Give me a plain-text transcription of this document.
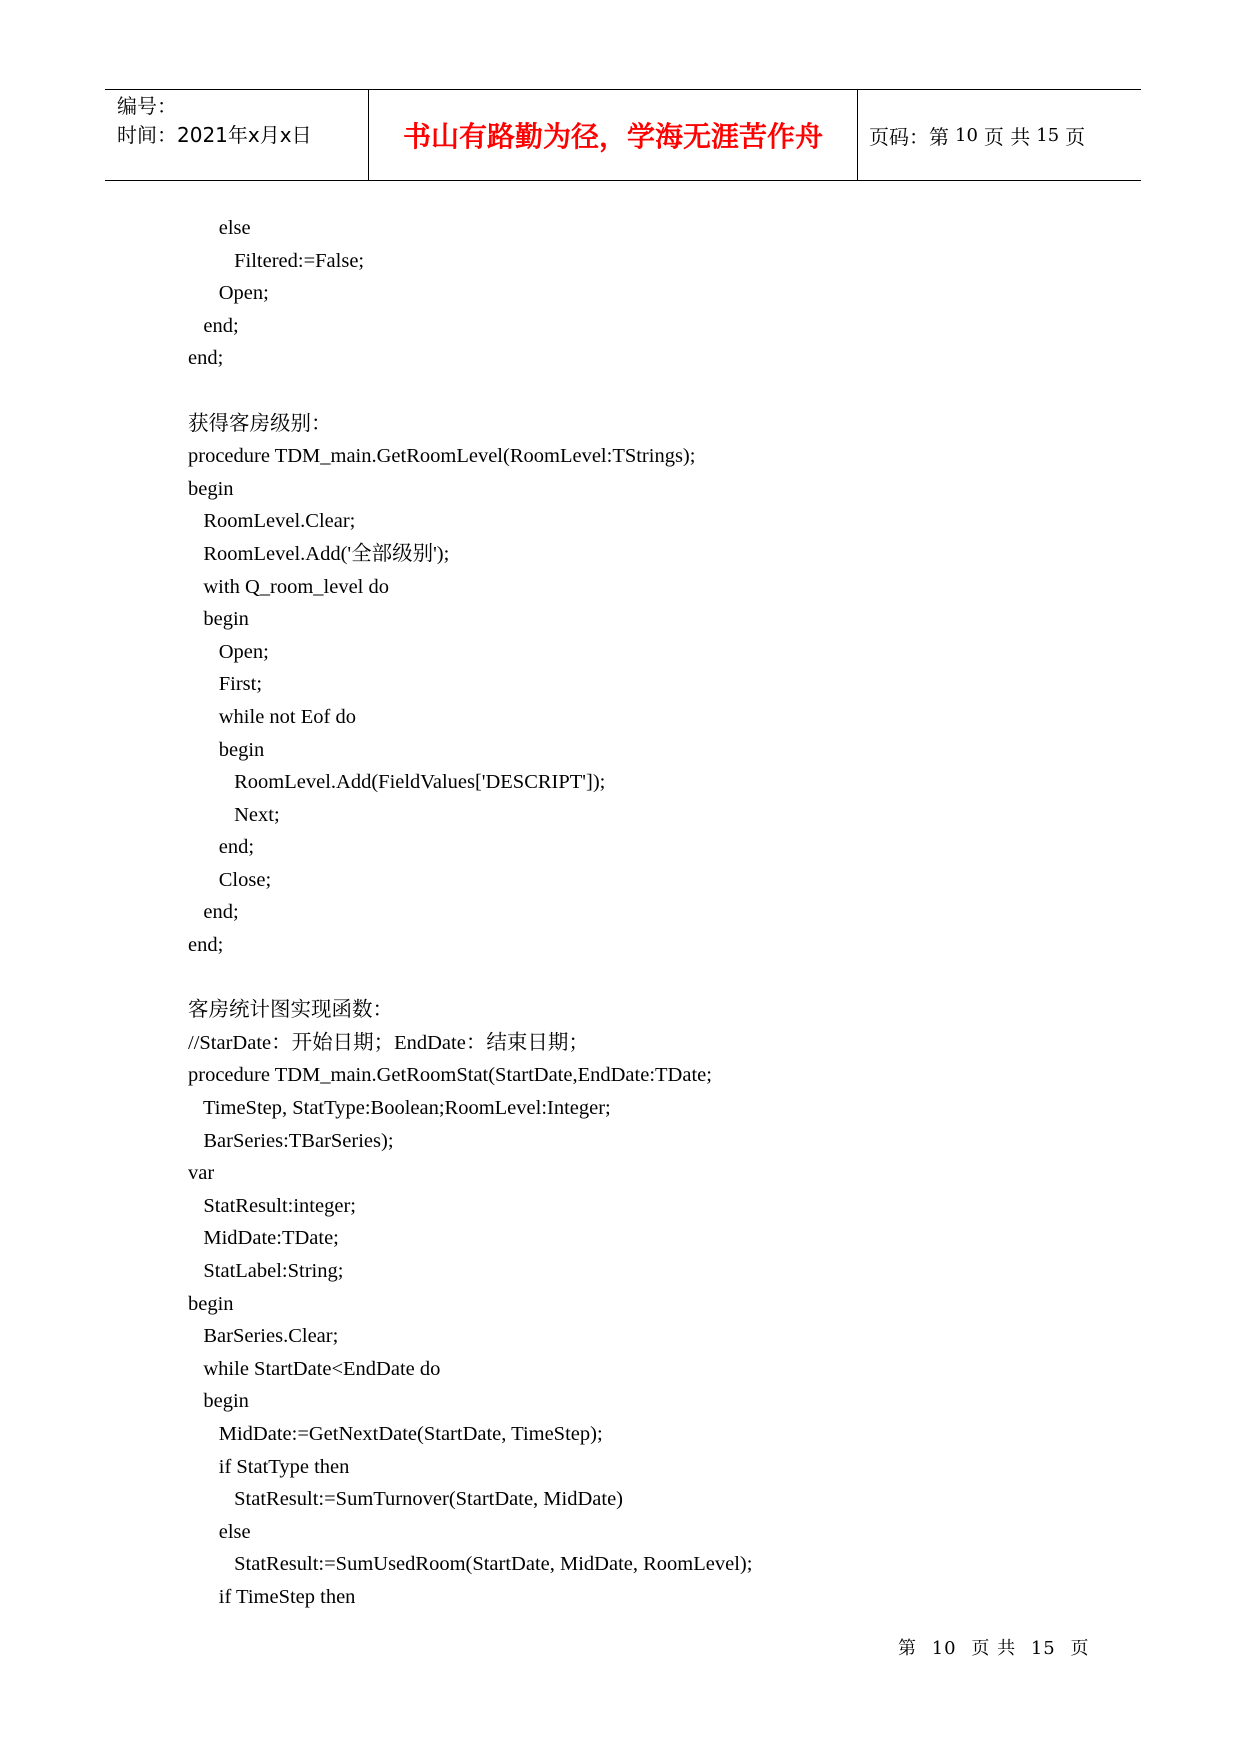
编号：
时间：2021年x月x日	书山有路勤为径，学海无涯苦作舟	页码：第 10 页 共 15 页
else
Filtered:=False;
Open;
end;
end;
获得客房级别：
procedure TDM_main.GetRoomLevel(RoomLevel:TStrings);
begin
RoomLevel.Clear;
RoomLevel.Add('全部级别');
with Q_room_level do
begin
Open;
First;
while not Eof do
begin
RoomLevel.Add(FieldValues['DESCRIPT']);
Next;
end;
Close;
end;
end;
客房统计图实现函数：
//StarDate：开始日期；EndDate：结束日期；
procedure TDM_main.GetRoomStat(StartDate,EndDate:TDate;
TimeStep, StatType:Boolean;RoomLevel:Integer;
BarSeries:TBarSeries);
var
StatResult:integer;
MidDate:TDate;
StatLabel:String;
begin
BarSeries.Clear;
while StartDate<EndDate do
begin
MidDate:=GetNextDate(StartDate, TimeStep);
if StatType then
StatResult:=SumTurnover(StartDate, MidDate)
else
StatResult:=SumUsedRoom(StartDate, MidDate, RoomLevel);
if TimeStep then
第 10 页 共 15 页
